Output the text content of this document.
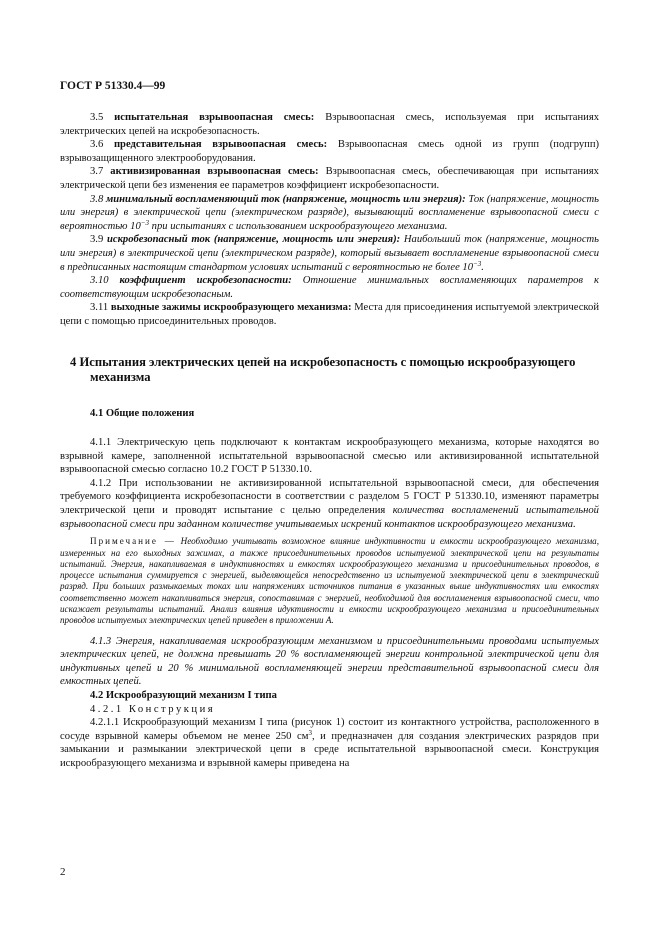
ГОСТ Р 51330.4—99

3.5 испытательная взрывоопасная смесь: Взрывоопасная смесь, используемая при испытаниях электрических цепей на искробезопасность.

3.6 представительная взрывоопасная смесь: Взрывоопасная смесь одной из групп (подгрупп) взрывозащищенного электрооборудования.

3.7 активизированная взрывоопасная смесь: Взрывоопасная смесь, обеспечивающая при испытаниях электрической цепи без изменения ее параметров коэффициент искробезопасности.

3.8 минимальный воспламеняющий ток (напряжение, мощность или энергия): Ток (напряжение, мощность или энергия) в электрической цепи (электрическом разряде), вызывающий воспламенение взрывоопасной смеси с вероятностью $10^{-3}$ при испытаниях с использованием искрообразующего механизма.

3.9 искробезопасный ток (напряжение, мощность или энергия): Наибольший ток (напряжение, мощность или энергия) в электрической цепи (электрическом разряде), который вызывает воспламенение взрывоопасной смеси в предписанных настоящим стандартом условиях испытаний с вероятностью не более $10^{-3}$.

3.10 коэффициент искробезопасности: Отношение минимальных воспламеняющих параметров к соответствующим искробезопасным.

3.11 выходные зажимы искрообразующего механизма: Места для присоединения испытуемой электрической цепи с помощью присоединительных проводов.

4 Испытания электрических цепей на искробезопасность с помощью искрообразующего механизма
4.1 Общие положения

4.1.1 Электрическую цепь подключают к контактам искрообразующего механизма, которые находятся во взрывной камере, заполненной испытательной взрывоопасной смесью или активизированной испытательной взрывоопасной смесью согласно 10.2 ГОСТ Р 51330.10.

4.1.2 При использовании не активизированной испытательной взрывоопасной смеси, для обеспечения требуемого коэффициента искробезопасности в соответствии с разделом 5 ГОСТ Р 51330.10, изменяют параметры электрической цепи и проводят испытание с целью определения количества воспламенений испытательной взрывоопасной смеси при заданном количестве учитываемых искрений контактов искрообразующего механизма.

Примечание — Необходимо учитывать возможное влияние индуктивности и емкости искрообразующего механизма, измеренных на его выходных зажимах, а также присоединительных проводов испытуемой электрической цепи на результаты испытаний. Энергия, накапливаемая в индуктивностях и емкостях искрообразующего механизма и присоединительных проводов, в процессе испытания суммируется с энергией, выделяющейся непосредственно из испытуемой электрической цепи в электрический разряд. При больших размыкаемых токах или напряжениях источников питания в указанных выше индуктивностях или емкостях соответственно может накапливаться энергия, сопоставимая с энергией, необходимой для воспламенения взрывоопасной смеси, что искажает результаты испытаний. Анализ влияния идуктивности и емкости искрообразующего механизма и присоединительных проводов испытуемых электрических цепей приведен в приложении А.

4.1.3 Энергия, накапливаемая искрообразующим механизмом и присоединительными проводами испытуемых электрических цепей, не должна превышать 20 % воспламеняющей энергии контрольной электрической цепи для индуктивных цепей и 20 % минимальной воспламеняющей энергии представительной взрывоопасной смеси для емкостных цепей.

4.2 Искрообразующий механизм I типа

4.2.1 Конструкция

4.2.1.1 Искрообразующий механизм I типа (рисунок 1) состоит из контактного устройства, расположенного в сосуде взрывной камеры объемом не менее 250 $см^3$, и предназначен для создания электрических разрядов при замыкании и размыкании электрической цепи в среде испытательной взрывоопасной смеси. Конструкция искрообразующего механизма и взрывной камеры приведена на

2
